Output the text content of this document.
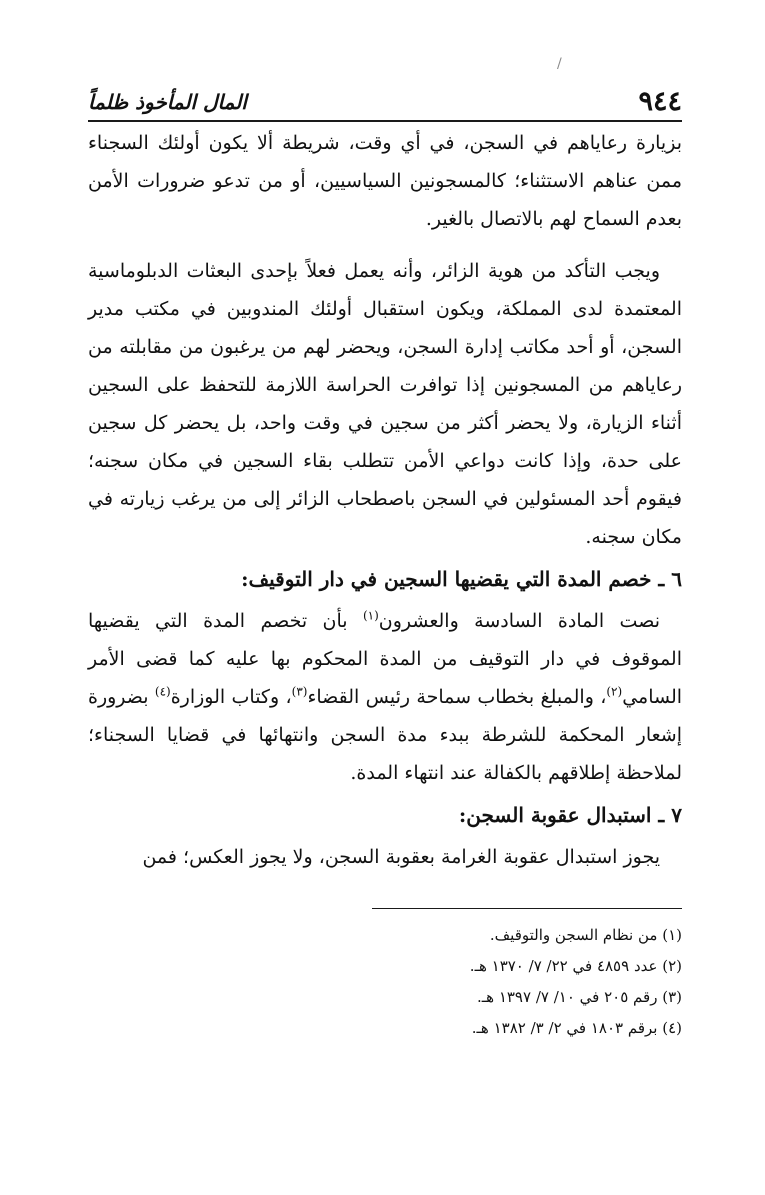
/
٩٤٤
المال المأخوذ ظلماً

بزيارة رعاياهم في السجن، في أي وقت، شريطة ألا يكون أولئك السجناء ممن عناهم الاستثناء؛ كالمسجونين السياسيين، أو من تدعو ضرورات الأمن بعدم السماح لهم بالاتصال بالغير.

ويجب التأكد من هوية الزائر، وأنه يعمل فعلاً بإحدى البعثات الدبلوماسية المعتمدة لدى المملكة، ويكون استقبال أولئك المندوبين في مكتب مدير السجن، أو أحد مكاتب إدارة السجن، ويحضر لهم من يرغبون من مقابلته من رعاياهم من المسجونين إذا توافرت الحراسة اللازمة للتحفظ على السجين أثناء الزيارة، ولا يحضر أكثر من سجين في وقت واحد، بل يحضر كل سجين على حدة، وإذا كانت دواعي الأمن تتطلب بقاء السجين في مكان سجنه؛ فيقوم أحد المسئولين في السجن باصطحاب الزائر إلى من يرغب زيارته في مكان سجنه.

٦ ـ خصم المدة التي يقضيها السجين في دار التوقيف:

نصت المادة السادسة والعشرون$^{(١)}$ بأن تخصم المدة التي يقضيها الموقوف في دار التوقيف من المدة المحكوم بها عليه كما قضى الأمر السامي$^{(٢)}$، والمبلغ بخطاب سماحة رئيس القضاء$^{(٣)}$، وكتاب الوزارة$^{(٤)}$ بضرورة إشعار المحكمة للشرطة ببدء مدة السجن وانتهائها في قضايا السجناء؛ لملاحظة إطلاقهم بالكفالة عند انتهاء المدة.

٧ ـ استبدال عقوبة السجن:

يجوز استبدال عقوبة الغرامة بعقوبة السجن، ولا يجوز العكس؛ فمن

(١) من نظام السجن والتوقيف.
(٢) عدد ٤٨٥٩ في ٢٢/ ٧/ ١٣٧٠ هـ.
(٣) رقم ٢٠٥ في ١٠/ ٧/ ١٣٩٧ هـ.
(٤) برقم ١٨٠٣ في ٢/ ٣/ ١٣٨٢ هـ.
